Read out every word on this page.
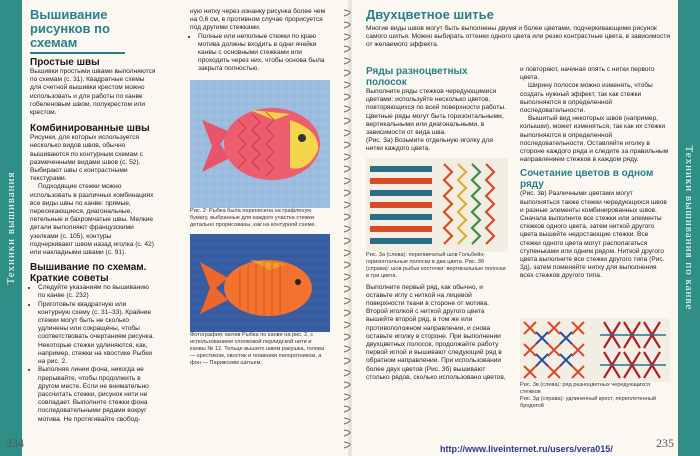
Техники вышивания
Вышивание рисунков по схемам
Простые швы

Вышивки простыми швами выполняются по схемам (с. 31). Квадратные схемы для счетной вышивки крестом можно использовать и для работы по канве гобеленовым швом, полукрестом или крестом.

Комбинированные швы

Рисунки, для которых используется несколько видов швов, обычно вышиваются по контурным схемам с размеченными видами швов (с. 52). Выбирают швы с контрастными текстурами.

Подходящие стежки можно использовать в различных комбинациях все виды швы по канве: прямые, пересекающиеся, диагональные, петельные и бахромчатые швы. Мелкие детали выполняют французскими узелками (с. 105), контуры подчеркивают швом назад иголка (с. 42) или накладными швами (с. 91).

Вышивание по схемам. Краткие советы
• Следуйте указаниям по вышиванию по канве (с. 232)
• Приготовьте квадратную или контурную схему (с. 31–33). Крайние стежки могут быть не сколько удлинены или сокращены, чтобы соответствовать очертаниям рисунка. Некоторые стежки удлиняются, как, например, стежки на хвостике Рыбки на рис. 2.
• Выполняя линии фона, никогда не прерывайте, чтобы продолжить в другом месте. Если не внимательно рассчитать стежки, рисунок нити не совпадает. Выполните стежки фона последовательными рядами вокруг мотива. Не протягивайте свобод-

ную нитку через изнанку рисунка более чем на 0,6 см, в противном случае прорисуется под другими стежками.

• Полные или неполные стежки по краю мотива должны входить в одни ячейки канвы с основными стежками или проходить через них, чтобы основа была закрыта полностью.
Рис. 2: Рыбка была перенесена на графленую бумагу, выбранные для каждого участка стежки детально прорисованы, как на контурной схеме.
Фотография: мотив Рыбка по канве на рис. 2, с использованием хлопковой перлидской нити и канвы № 12. Тельце вышито швом ракушка, голова — крестиком, хвостик и плавники папоротником, а фон — Парижским шитьем.
234
Техники вышивания по канве
Двухцветное шитье

Многие виды швов могут быть выполнены двумя и более цветами, подчеркивающими рисунок самого шитья. Можно выбирать оттенки одного цвета или резко контрастные цвета, в зависимости от желаемого эффекта.

Ряды разноцветных полосок

Выполните ряды стежков чередующимися цветами: используйте несколько цветов, повторяющихся по всей поверхности работы. Цветные ряды могут быть горизонтальными, вертикальными или диагональными, в зависимости от вида шва.

(Рис. 3а) Возьмите отдельную иголку для нитки каждого цвета.

Рис. 3а (слева): переливчатый шов Гольбейн: горизонтальные полоски в два цвета. Рис. 3б (справа): шов рыбьи косточки: вертикальные полоски в три цвета.

Выполните первый ряд, как обычно, и оставьте иглу с ниткой на лицевой поверхности ткани в стороне от мотива. Второй иголкой с ниткой другого цвета вышейте второй ряд, в том же или противоположном направлении, и снова оставьте иголку в стороне. При выполнении двухцветных полосок, продолжайте работу первой иглой и вышивают следующий ряд в обратном направлении. При использовании более двух цветов (Рис. 3б) вышивают столько рядов, сколько использовано цветов,

и повторяют, начиная опять с нитки первого цвета.

Ширину полосок можно изменять, чтобы создать нужный эффект, так как стежки выполняются в определенной последовательности.

Вышитый вид некоторых швов (например, колышки), может изменяться, так как их стежки выполняются в определенной последовательности. Оставляйте иголку в стороне каждого ряда и следите за правильным направлением стежков в каждом ряду.

Сочетание цветов в одном ряду

(Рис. 3в) Различными цветами могут выполняться также стежки чередующихся швов и разные элементы комбинированных швов. Сначала выполните все стежки или элементы стежков одного цвета, затем ниткой другого цвета вышейте недостающие стежки. Все стежки одного цвета могут располагаться ступеньками или одним рядом. Ниткой другого цвета выполните все стежки другого типа (Рис. 3д), затем поменяйте нитку для выполнения всех стежков другого типа.

Рис. 3в (слева): ряд разноцветных чередующихся стежков
Рис. 3д (справа): удлиненный крест, переплетенный бродягой
235
http://www.liveinternet.ru/users/vera015/
